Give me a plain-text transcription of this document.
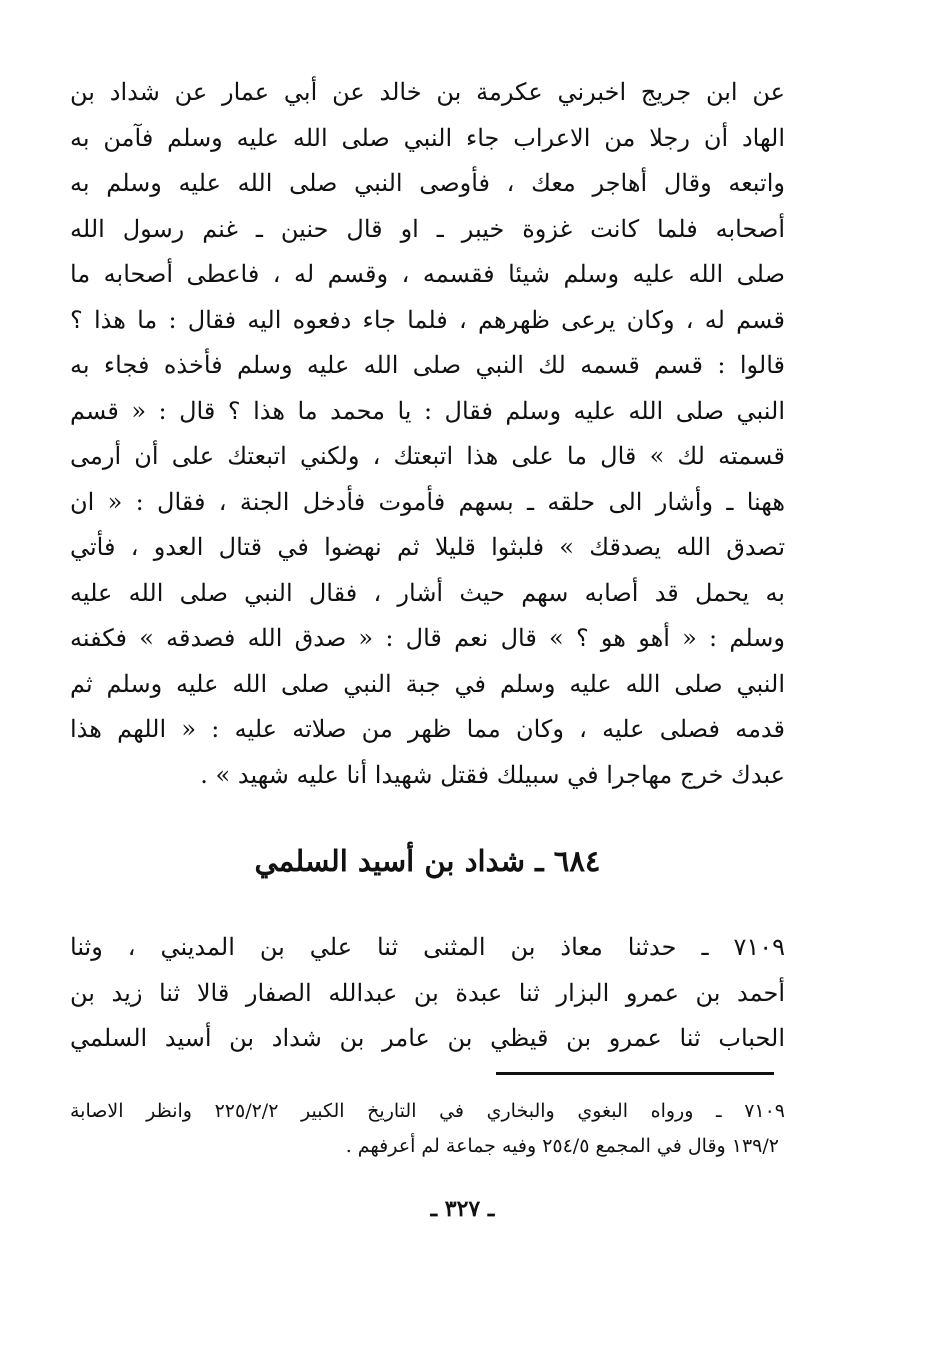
عن ابن جريج اخبرني عكرمة بن خالد عن أبي عمار عن شداد بن
الهاد أن رجلا من الاعراب جاء النبي صلى الله عليه وسلم فآمن به
واتبعه وقال أهاجر معك ، فأوصى النبي صلى الله عليه وسلم به
أصحابه فلما كانت غزوة خيبر ـ او قال حنين ـ غنم رسول الله
صلى الله عليه وسلم شيئا فقسمه ، وقسم له ، فاعطى أصحابه ما
قسم له ، وكان يرعى ظهرهم ، فلما جاء دفعوه اليه فقال : ما هذا ؟
قالوا : قسم قسمه لك النبي صلى الله عليه وسلم فأخذه فجاء به
النبي صلى الله عليه وسلم فقال : يا محمد ما هذا ؟ قال : « قسم
قسمته لك » قال ما على هذا اتبعتك ، ولكني اتبعتك على أن أرمى
ههنا ـ وأشار الى حلقه ـ بسهم فأموت فأدخل الجنة ، فقال : « ان
تصدق الله يصدقك » فلبثوا قليلا ثم نهضوا في قتال العدو ، فأتي
به يحمل قد أصابه سهم حيث أشار ، فقال النبي صلى الله عليه
وسلم : « أهو هو ؟ » قال نعم قال : « صدق الله فصدقه » فكفنه
النبي صلى الله عليه وسلم في جبة النبي صلى الله عليه وسلم ثم
قدمه فصلى عليه ، وكان مما ظهر من صلاته عليه : « اللهم هذا
عبدك خرج مهاجرا في سبيلك فقتل شهيدا أنا عليه شهيد » .
٦٨٤ ـ شداد بن أسيد السلمي
٧١٠٩ ـ حدثنا معاذ بن المثنى ثنا علي بن المديني ، وثنا
أحمد بن عمرو البزار ثنا عبدة بن عبدالله الصفار قالا ثنا زيد بن
الحباب ثنا عمرو بن قيظي بن عامر بن شداد بن أسيد السلمي
٧١٠٩ ـ ورواه البغوي والبخاري في التاريخ الكبير ٢٢٥/٢/٢ وانظر الاصابة
١٣٩/٢ وقال في المجمع ٢٥٤/٥ وفيه جماعة لم أعرفهم .
ـ ٣٢٧ ـ
